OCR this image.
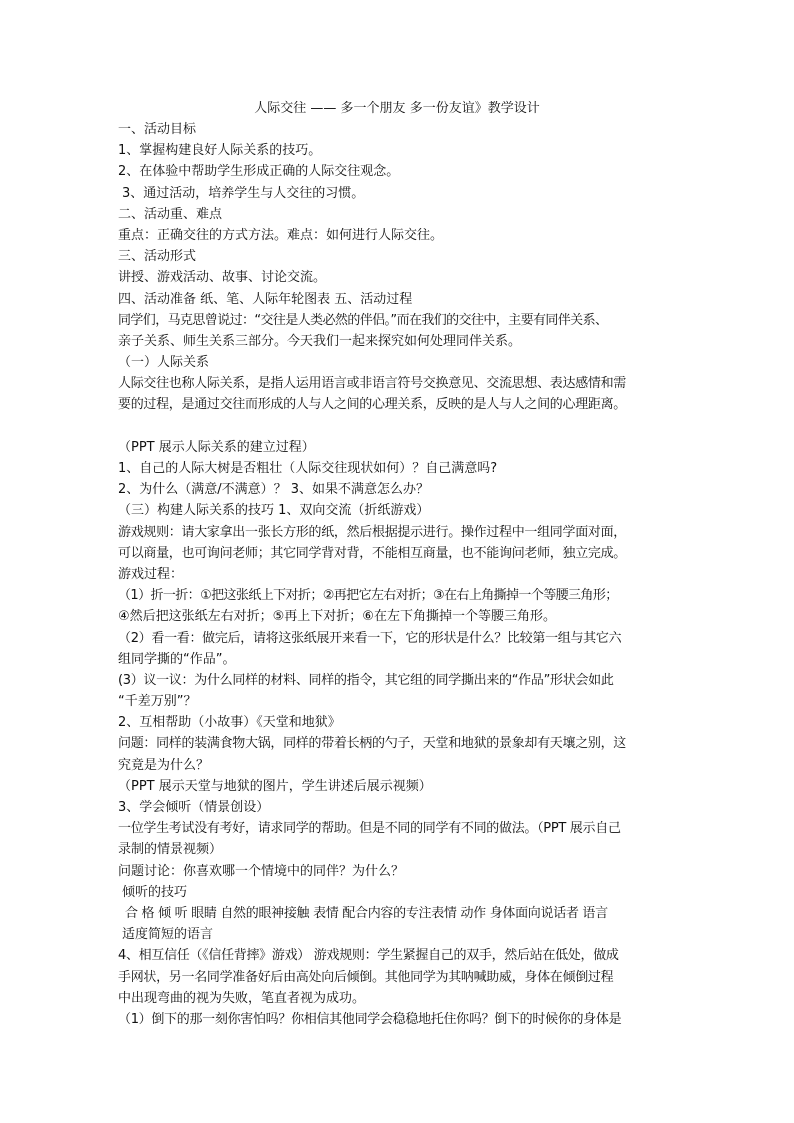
人际交往 —— 多一个朋友 多一份友谊》教学设计
一、活动目标
1、掌握构建良好人际关系的技巧。
2、在体验中帮助学生形成正确的人际交往观念。
3、通过活动，培养学生与人交往的习惯。
二、活动重、难点
重点：正确交往的方式方法。难点：如何进行人际交往。
三、活动形式
讲授、游戏活动、故事、讨论交流。
四、活动准备 纸、笔、人际年轮图表 五、活动过程
同学们，马克思曾说过：“交往是人类必然的伴侣。”而在我们的交往中，主要有同伴关系、
亲子关系、师生关系三部分。今天我们一起来探究如何处理同伴关系。
（一）人际关系
人际交往也称人际关系，是指人运用语言或非语言符号交换意见、交流思想、表达感情和需
要的过程，是通过交往而形成的人与人之间的心理关系，反映的是人与人之间的心理距离。
（PPT 展示人际关系的建立过程）
1、自己的人际大树是否粗壮（人际交往现状如何）？自己满意吗?
2、为什么（满意/不满意）？ 3、如果不满意怎么办？
（三）构建人际关系的技巧 1、双向交流（折纸游戏）
游戏规则：请大家拿出一张长方形的纸，然后根据提示进行。操作过程中一组同学面对面，
可以商量，也可询问老师；其它同学背对背，不能相互商量，也不能询问老师，独立完成。
游戏过程：
（1）折一折：①把这张纸上下对折；②再把它左右对折；③在右上角撕掉一个等腰三角形；
④然后把这张纸左右对折；⑤再上下对折；⑥在左下角撕掉一个等腰三角形。
（2）看一看：做完后，请将这张纸展开来看一下，它的形状是什么？比较第一组与其它六
组同学撕的“作品”。
(3）议一议：为什么同样的材料、同样的指令，其它组的同学撕出来的“作品”形状会如此
“千差万别”？
2、互相帮助（小故事）《天堂和地狱》
问题：同样的装满食物大锅，同样的带着长柄的勺子，天堂和地狱的景象却有天壤之别，这
究竟是为什么？
（PPT 展示天堂与地狱的图片，学生讲述后展示视频）
3、学会倾听（情景创设）
一位学生考试没有考好，请求同学的帮助。但是不同的同学有不同的做法。（PPT 展示自己
录制的情景视频）
问题讨论：你喜欢哪一个情境中的同伴？为什么？
倾听的技巧
合 格 倾 听 眼睛 自然的眼神接触 表情 配合内容的专注表情 动作 身体面向说话者 语言
适度简短的语言
4、相互信任（《信任背摔》游戏） 游戏规则：学生紧握自己的双手，然后站在低处，做成
手网状，另一名同学准备好后由高处向后倾倒。其他同学为其呐喊助威，身体在倾倒过程
中出现弯曲的视为失败，笔直者视为成功。
（1）倒下的那一刻你害怕吗？你相信其他同学会稳稳地托住你吗？倒下的时候你的身体是
